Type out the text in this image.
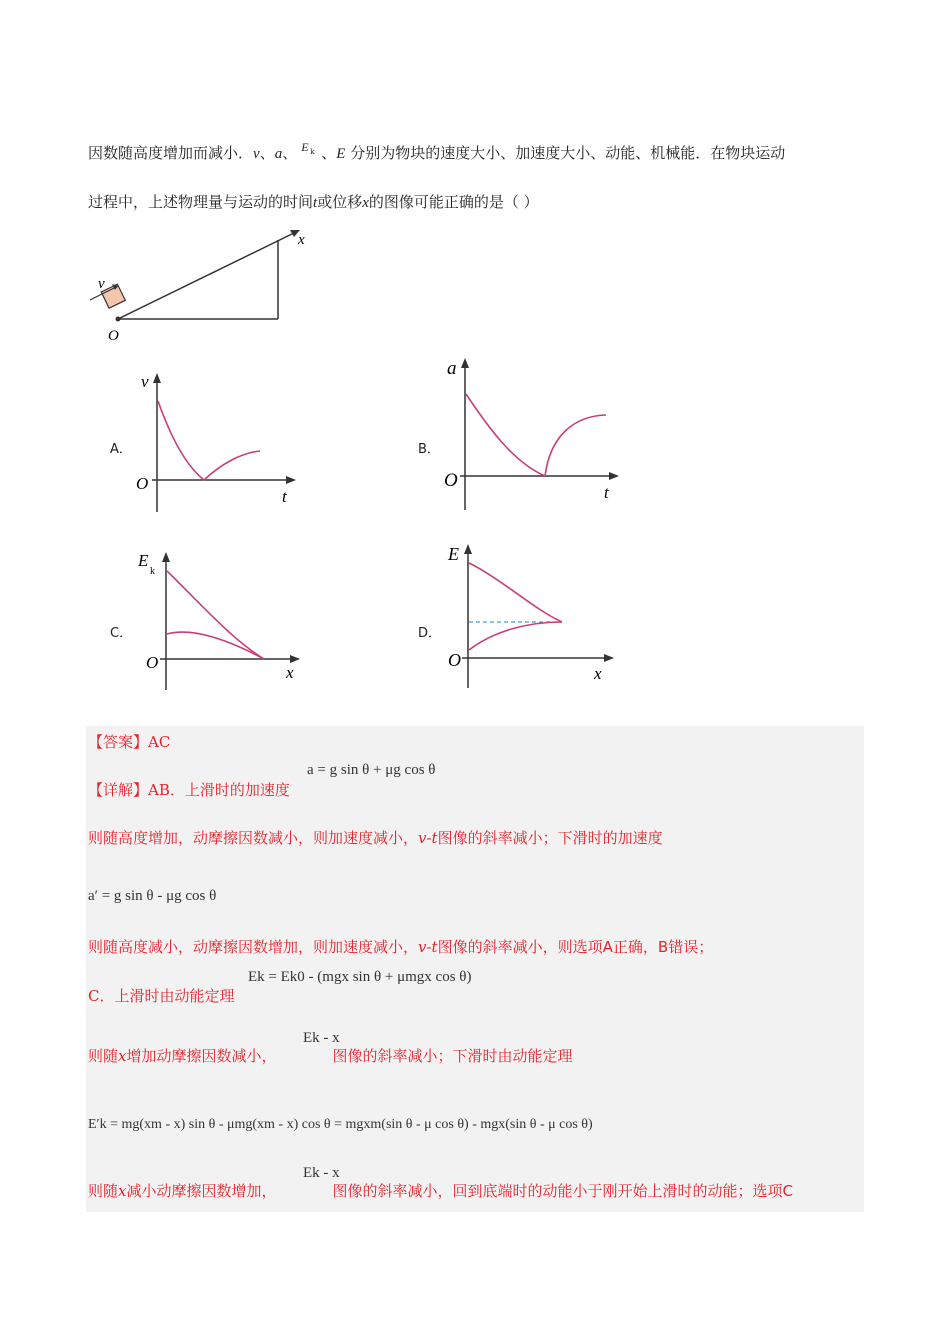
因数随高度增加而减小．v、a、 E k 、E 分别为物块的速度大小、加速度大小、动能、机械能．在物块运动
过程中，上述物理量与运动的时间t或位移x的图像可能正确的是（ ）
v
x
O
A．
v
t
O
B．
a
t
O
C．
E
k
x
O
D．
E
x
O
【答案】AC
a = g sin θ + μg cos θ
【详解】AB．上滑时的加速度
则随高度增加，动摩擦因数减小，则加速度减小，v-t图像的斜率减小；下滑时的加速度
a′ = g sin θ - μg cos θ
则随高度减小，动摩擦因数增加，则加速度减小，v-t图像的斜率减小，则选项A正确，B错误；
Ek = Ek0 - (mgx sin θ + μmgx cos θ)
C．上滑时由动能定理
Ek - x
则随x增加动摩擦因数减小，	图像的斜率减小；下滑时由动能定理
E′k = mg(xm - x) sin θ - μmg(xm - x) cos θ = mgxm(sin θ - μ cos θ) - mgx(sin θ - μ cos θ)
Ek - x
则随x减小动摩擦因数增加，	图像的斜率减小，回到底端时的动能小于刚开始上滑时的动能；选项C
